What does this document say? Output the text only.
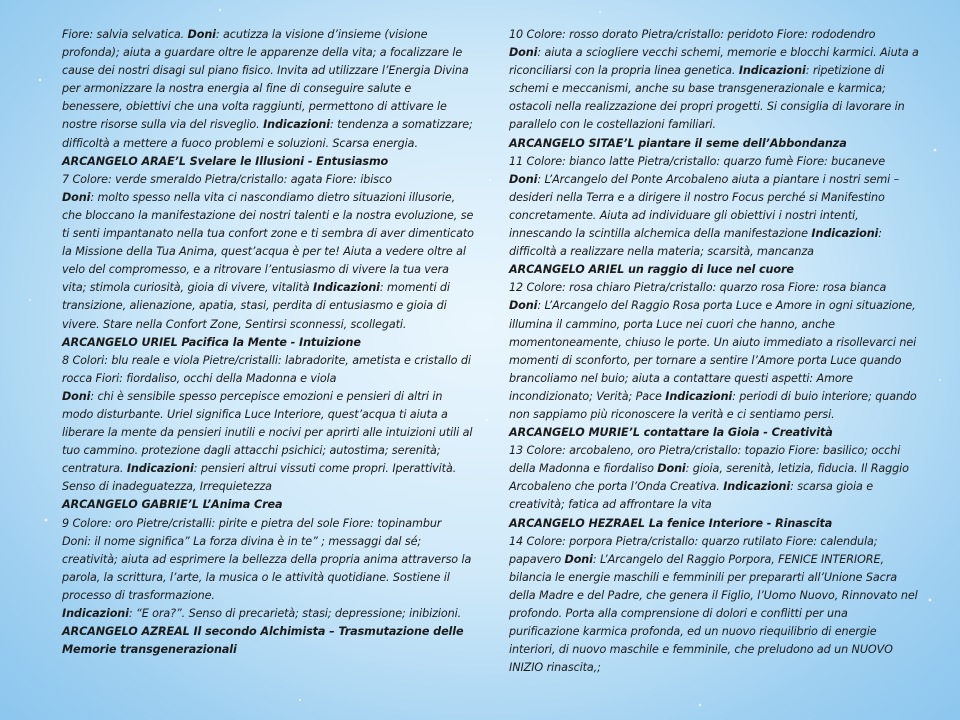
Fiore: salvia selvatica. Doni: acutizza la visione d’insieme (visione profonda); aiuta a guardare oltre le apparenze della vita; a focalizzare le cause dei nostri disagi sul piano fisico. Invita ad utilizzare l’Energia Divina per armonizzare la nostra energia al fine di conseguire salute e benessere, obiettivi che una volta raggiunti, permettono di attivare le nostre risorse sulla via del risveglio. Indicazioni: tendenza a somatizzare; difficoltà a mettere a fuoco problemi e soluzioni. Scarsa energia.

ARCANGELO ARAE’L Svelare le Illusioni - Entusiasmo

7 Colore: verde smeraldo Pietra/cristallo: agata Fiore: ibisco

Doni: molto spesso nella vita ci nascondiamo dietro situazioni illusorie, che bloccano la manifestazione dei nostri talenti e la nostra evoluzione, se ti senti impantanato nella tua confort zone e ti sembra di aver dimenticato la Missione della Tua Anima, quest’acqua è per te! Aiuta a vedere oltre al velo del compromesso, e a ritrovare l’entusiasmo di vivere la tua vera vita; stimola curiosità, gioia di vivere, vitalità Indicazioni: momenti di transizione, alienazione, apatia, stasi, perdita di entusiasmo e gioia di vivere. Stare nella Confort Zone, Sentirsi sconnessi, scollegati.

ARCANGELO URIEL Pacifica la Mente - Intuizione

8 Colori: blu reale e viola Pietre/cristalli: labradorite, ametista e cristallo di rocca Fiori: fiordaliso, occhi della Madonna e viola

Doni: chi è sensibile spesso percepisce emozioni e pensieri di altri in modo disturbante. Uriel significa Luce Interiore, quest’acqua ti aiuta a liberare la mente da pensieri inutili e nocivi per aprirti alle intuizioni utili al tuo cammino. protezione dagli attacchi psichici; autostima; serenità; centratura. Indicazioni: pensieri altrui vissuti come propri. Iperattività. Senso di inadeguatezza, Irrequietezza

ARCANGELO GABRIE’L L’Anima Crea

9 Colore: oro Pietre/cristalli: pirite e pietra del sole Fiore: topinambur

Doni: il nome significa” La forza divina è in te” ; messaggi dal sé; creatività; aiuta ad esprimere la bellezza della propria anima attraverso la parola, la scrittura, l’arte, la musica o le attività quotidiane. Sostiene il processo di trasformazione.

Indicazioni: “E ora?”. Senso di precarietà; stasi; depressione; inibizioni.

ARCANGELO AZREAL Il secondo Alchimista – Trasmutazione delle Memorie transgenerazionali

10 Colore: rosso dorato Pietra/cristallo: peridoto Fiore: rododendro

Doni: aiuta a sciogliere vecchi schemi, memorie e blocchi karmici. Aiuta a riconciliarsi con la propria linea genetica. Indicazioni: ripetizione di schemi e meccanismi, anche su base transgenerazionale e karmica; ostacoli nella realizzazione dei propri progetti. Si consiglia di lavorare in parallelo con le costellazioni familiari.

ARCANGELO SITAE’L piantare il seme dell’Abbondanza

11 Colore: bianco latte Pietra/cristallo: quarzo fumè Fiore: bucaneve

Doni: L’Arcangelo del Ponte Arcobaleno aiuta a piantare i nostri semi – desideri nella Terra e a dirigere il nostro Focus perché si Manifestino concretamente. Aiuta ad individuare gli obiettivi i nostri intenti, innescando la scintilla alchemica della manifestazione Indicazioni: difficoltà a realizzare nella materia; scarsità, mancanza

ARCANGELO ARIEL un raggio di luce nel cuore

12 Colore: rosa chiaro Pietra/cristallo: quarzo rosa Fiore: rosa bianca

Doni: L’Arcangelo del Raggio Rosa porta Luce e Amore in ogni situazione, illumina il cammino, porta Luce nei cuori che hanno, anche momentoneamente, chiuso le porte. Un aiuto immediato a risollevarci nei momenti di sconforto, per tornare a sentire l’Amore porta Luce quando brancoliamo nel buio; aiuta a contattare questi aspetti: Amore incondizionato; Verità; Pace Indicazioni: periodi di buio interiore; quando non sappiamo più riconoscere la verità e ci sentiamo persi.

ARCANGELO MURIE’L contattare la Gioia - Creatività

13 Colore: arcobaleno, oro Pietra/cristallo: topazio Fiore: basilico; occhi della Madonna e fiordaliso Doni: gioia, serenità, letizia, fiducia. Il Raggio Arcobaleno che porta l’Onda Creativa. Indicazioni: scarsa gioia e creatività; fatica ad affrontare la vita

ARCANGELO HEZRAEL La fenice Interiore - Rinascita

14 Colore: porpora Pietra/cristallo: quarzo rutilato Fiore: calendula; papavero Doni: L’Arcangelo del Raggio Porpora, FENICE INTERIORE, bilancia le energie maschili e femminili per prepararti all’Unione Sacra della Madre e del Padre, che genera il Figlio, l’Uomo Nuovo, Rinnovato nel profondo. Porta alla comprensione di dolori e conflitti per una purificazione karmica profonda, ed un nuovo riequilibrio di energie interiori, di nuovo maschile e femminile, che preludono ad un NUOVO INIZIO rinascita,;
